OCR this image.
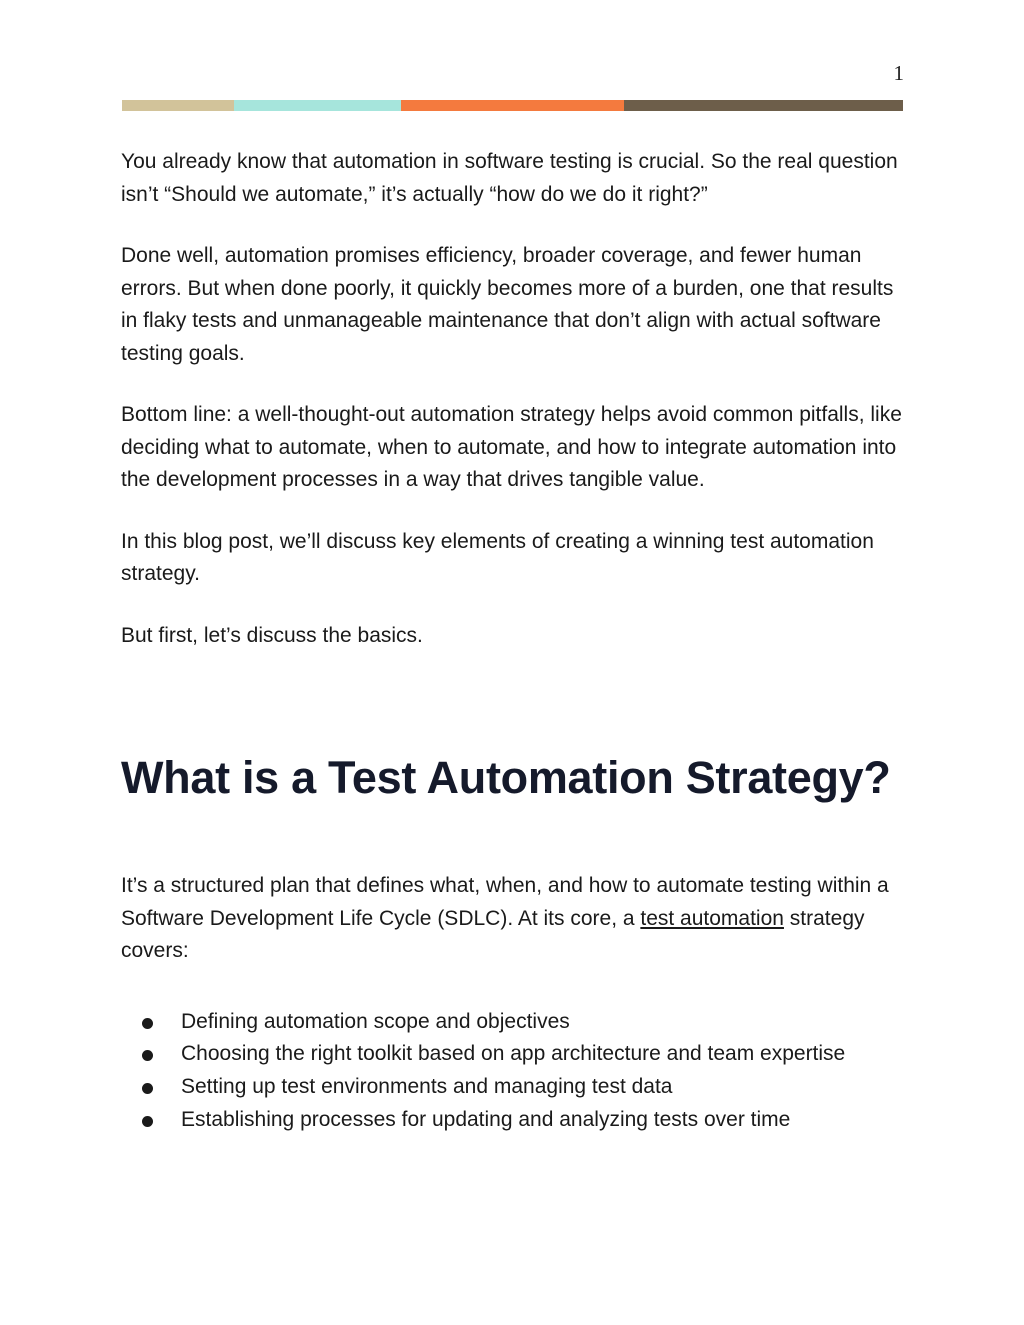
1

You already know that automation in software testing is crucial. So the real question isn’t “Should we automate,” it’s actually “how do we do it right?”

Done well, automation promises efficiency, broader coverage, and fewer human errors. But when done poorly, it quickly becomes more of a burden, one that results in flaky tests and unmanageable maintenance that don’t align with actual software testing goals.

Bottom line: a well-thought-out automation strategy helps avoid common pitfalls, like deciding what to automate, when to automate, and how to integrate automation into the development processes in a way that drives tangible value.

In this blog post, we’ll discuss key elements of creating a winning test automation strategy.

But first, let’s discuss the basics.

What is a Test Automation Strategy?

It’s a structured plan that defines what, when, and how to automate testing within a Software Development Life Cycle (SDLC). At its core, a test automation strategy covers:

Defining automation scope and objectives
Choosing the right toolkit based on app architecture and team expertise
Setting up test environments and managing test data
Establishing processes for updating and analyzing tests over time
